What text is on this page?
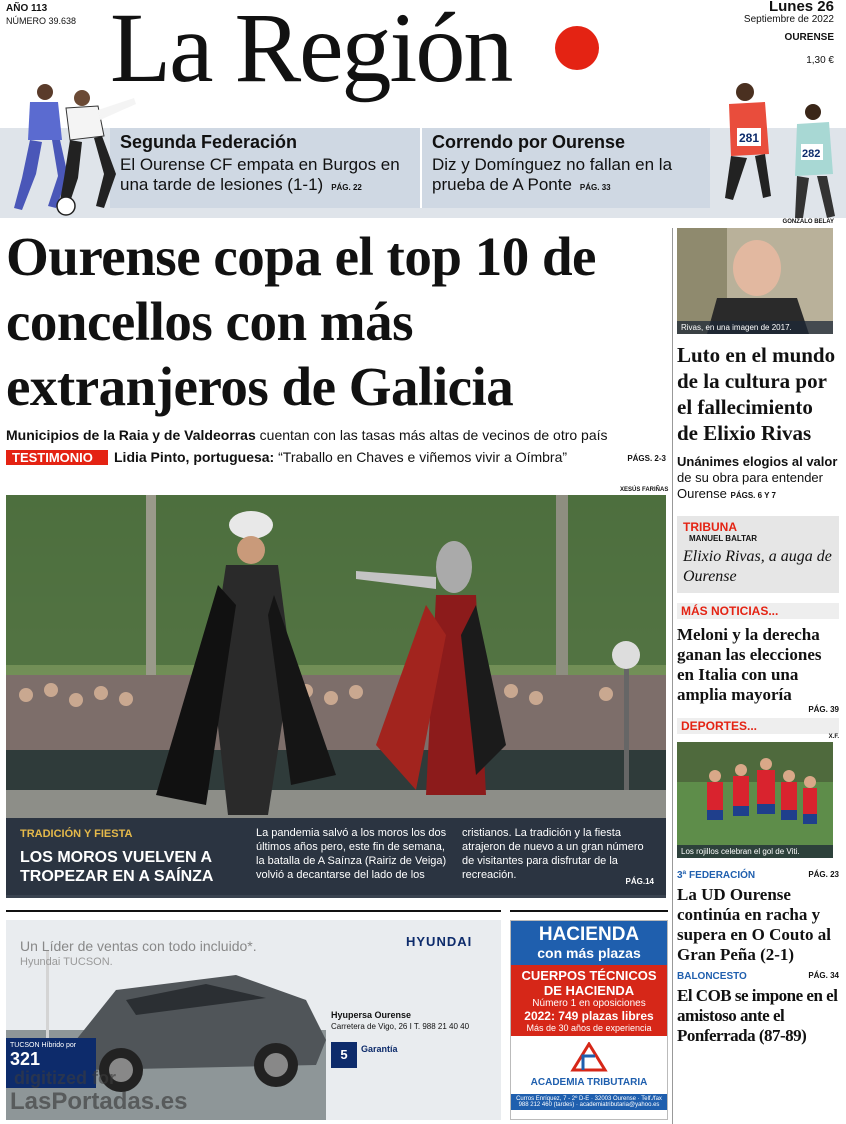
AÑO 113
NÚMERO 39.638 La Región	Lunes 26
Septiembre de 2022
OURENSE
1,30 €
Segunda Federación

El Ourense CF empata en Burgos en una tarde de lesiones (1-1) PÁG. 22

Correndo por Ourense

Diz y Domínguez no fallan en la prueba de A Ponte PÁG. 33

281
282
GONZALO BELAY
Ourense copa el top 10 de concellos con más extranjeros de Galicia
Municipios de la Raia y de Valdeorras cuentan con las tasas más altas de vecinos de otro país
TESTIMONIO Lidia Pinto, portuguesa: “Traballo en Chaves e viñemos vivir a Oímbra”	PÁGS. 2-3
XESÚS FARIÑAS
TRADICIÓN Y FIESTA
LOS MOROS VUELVEN A TROPEZAR EN A SAÍNZA
La pandemia salvó a los moros los dos últimos años pero, este fin de semana, la batalla de A Saínza (Rairiz de Veiga) volvió a decantarse del lado de los cristianos. La tradición y la fiesta atrajeron de nuevo a un gran número de visitantes para disfrutar de la recreación.
PÁG.14
Un Líder de ventas con todo incluido*.
Hyundai TUCSON.
HYUNDAI
Hyupersa Ourense
Carretera de Vigo, 26 I T. 988 21 40 40
5	Garantía
TUCSON Híbrido por
321
digitized for
LasPortadas.es
HACIENDA
con más plazas
CUERPOS TÉCNICOS
DE HACIENDA
Número 1 en oposiciones
2022: 749 plazas libres
Más de 30 años de experiencia
ACADEMIA TRIBUTARIA
Curros Enríquez, 7 - 2º D-E · 32003 Ourense · Telf./fax 988 212 460 (tardes) · academiatributaria@yahoo.es
Rivas, en una imagen de 2017.
Luto en el mundo de la cultura por el fallecimiento de Elixio Rivas
Unánimes elogios al valor de su obra para entender Ourense PÁGS. 6 Y 7
TRIBUNA
MANUEL BALTAR
Elixio Rivas, a auga de Ourense
MÁS NOTICIAS...
Meloni y la derecha ganan las elecciones en Italia con una amplia mayoría
PÁG. 39
DEPORTES...
X.F.
Los rojillos celebran el gol de Viti.
3ª FEDERACIÓN	PÁG. 23
La UD Ourense continúa en racha y supera en O Couto al Gran Peña (2-1)
BALONCESTO	PÁG. 34
El COB se impone en el amistoso ante el Ponferrada (87-89)
